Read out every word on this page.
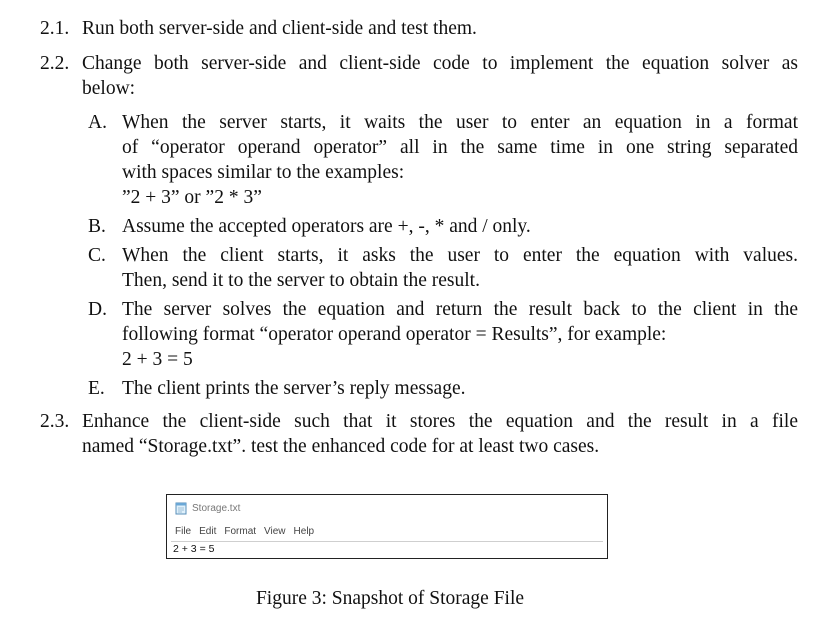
2.1. Run both server-side and client-side and test them.
2.2. Change both server-side and client-side code to implement the equation solver as
below:
A. When the server starts, it waits the user to enter an equation in a format
of “operator operand operator” all in the same time in one string separated
with spaces similar to the examples:
”2 + 3” or ”2 * 3”
B. Assume the accepted operators are +, -, * and / only.
C. When the client starts, it asks the user to enter the equation with values.
Then, send it to the server to obtain the result.
D. The server solves the equation and return the result back to the client in the
following format “operator operand operator = Results”, for example:
2 + 3 = 5
E. The client prints the server’s reply message.
2.3. Enhance the client-side such that it stores the equation and the result in a file
named “Storage.txt”. test the enhanced code for at least two cases.
Storage.txt
File Edit Format View Help
2 + 3 = 5
Figure 3: Snapshot of Storage File
